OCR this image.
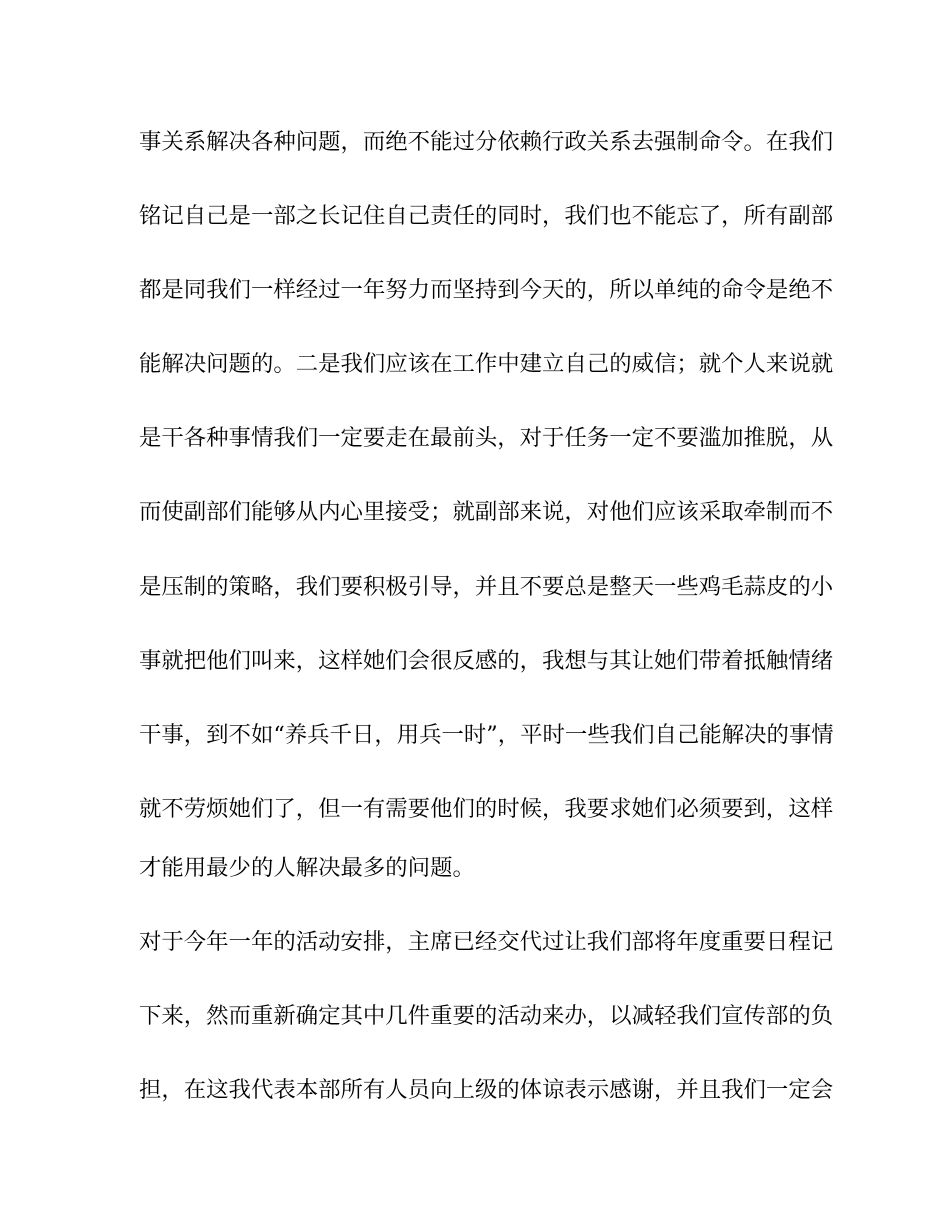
事关系解决各种问题，而绝不能过分依赖行政关系去强制命令。在我们
铭记自己是一部之长记住自己责任的同时，我们也不能忘了，所有副部
都是同我们一样经过一年努力而坚持到今天的，所以单纯的命令是绝不
能解决问题的。二是我们应该在工作中建立自己的威信；就个人来说就
是干各种事情我们一定要走在最前头，对于任务一定不要滥加推脱，从
而使副部们能够从内心里接受；就副部来说，对他们应该采取牵制而不
是压制的策略，我们要积极引导，并且不要总是整天一些鸡毛蒜皮的小
事就把他们叫来，这样她们会很反感的，我想与其让她们带着抵触情绪
干事，到不如“养兵千日，用兵一时”，平时一些我们自己能解决的事情
就不劳烦她们了，但一有需要他们的时候，我要求她们必须要到，这样
才能用最少的人解决最多的问题。
对于今年一年的活动安排，主席已经交代过让我们部将年度重要日程记
下来，然而重新确定其中几件重要的活动来办，以减轻我们宣传部的负
担，在这我代表本部所有人员向上级的体谅表示感谢，并且我们一定会
